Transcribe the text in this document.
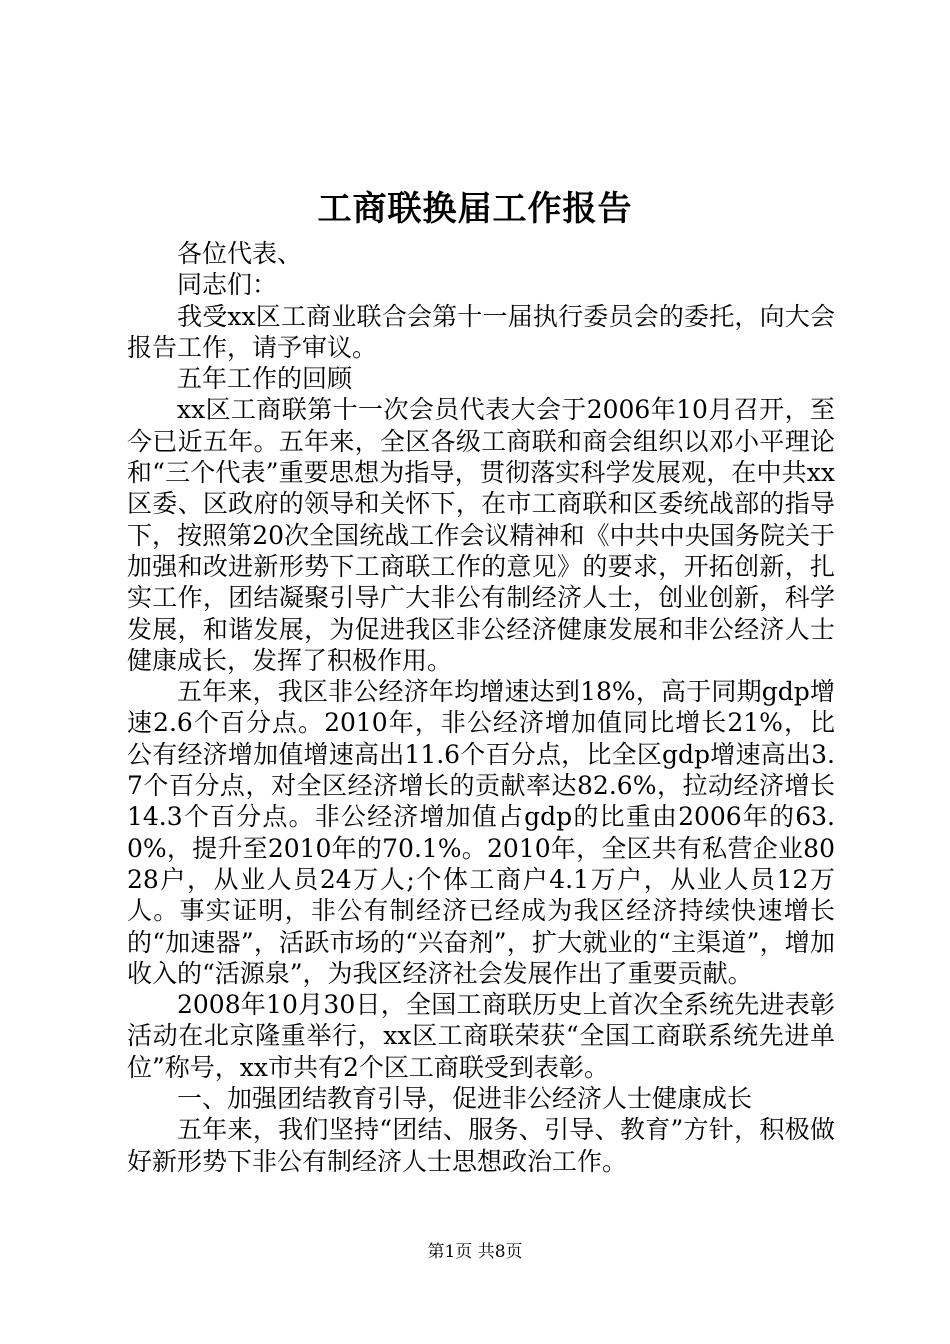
工商联换届工作报告

各位代表、

同志们：

我受xx区工商业联合会第十一届执行委员会的委托，向大会报告工作，请予审议。

五年工作的回顾

xx区工商联第十一次会员代表大会于2006年10月召开，至今已近五年。五年来，全区各级工商联和商会组织以邓小平理论和“三个代表”重要思想为指导，贯彻落实科学发展观，在中共xx区委、区政府的领导和关怀下，在市工商联和区委统战部的指导下，按照第20次全国统战工作会议精神和《中共中央国务院关于加强和改进新形势下工商联工作的意见》的要求，开拓创新，扎实工作，团结凝聚引导广大非公有制经济人士，创业创新，科学发展，和谐发展，为促进我区非公经济健康发展和非公经济人士健康成长，发挥了积极作用。

五年来，我区非公经济年均增速达到18%，高于同期gdp增速2.6个百分点。2010年，非公经济增加值同比增长21%，比公有经济增加值增速高出11.6个百分点，比全区gdp增速高出3.7个百分点，对全区经济增长的贡献率达82.6%，拉动经济增长14.3个百分点。非公经济增加值占gdp的比重由2006年的63.0%，提升至2010年的70.1%。2010年，全区共有私营企业8028户，从业人员24万人;个体工商户4.1万户，从业人员12万人。事实证明，非公有制经济已经成为我区经济持续快速增长的“加速器”，活跃市场的“兴奋剂”，扩大就业的“主渠道”，增加收入的“活源泉”，为我区经济社会发展作出了重要贡献。

2008年10月30日，全国工商联历史上首次全系统先进表彰活动在北京隆重举行，xx区工商联荣获“全国工商联系统先进单位”称号，xx市共有2个区工商联受到表彰。

一、加强团结教育引导，促进非公经济人士健康成长

五年来，我们坚持“团结、服务、引导、教育”方针，积极做好新形势下非公有制经济人士思想政治工作。

第1页 共8页
